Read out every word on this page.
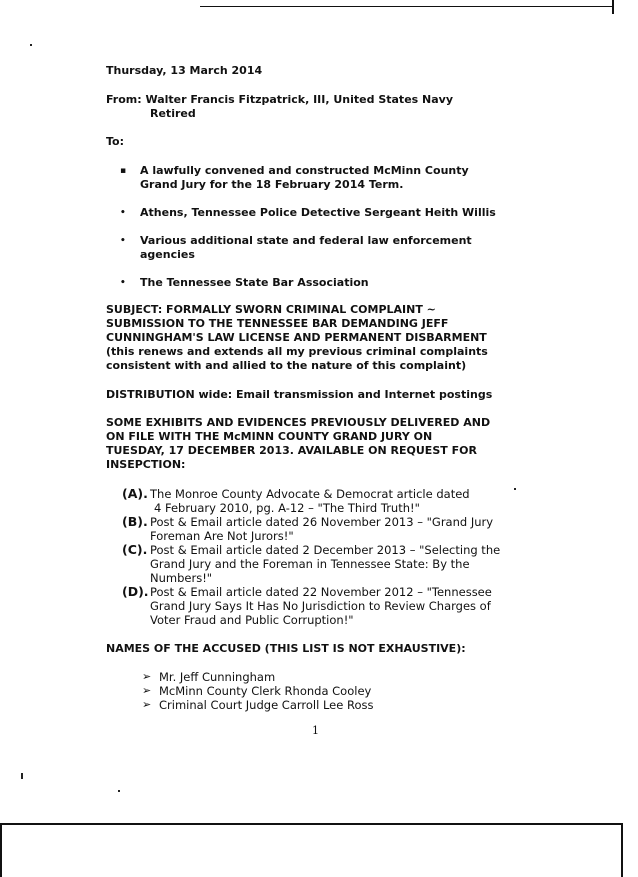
Thursday, 13 March 2014
From: Walter Francis Fitzpatrick, III, United States Navy
Retired
To:
▪	A lawfully convened and constructed McMinn County
Grand Jury for the 18 February 2014 Term.
•	Athens, Tennessee Police Detective Sergeant Heith Willis
•	Various additional state and federal law enforcement
agencies
•	The Tennessee State Bar Association
SUBJECT: FORMALLY SWORN CRIMINAL COMPLAINT ~
SUBMISSION TO THE TENNESSEE BAR DEMANDING JEFF
CUNNINGHAM'S LAW LICENSE AND PERMANENT DISBARMENT
(this renews and extends all my previous criminal complaints
consistent with and allied to the nature of this complaint)
DISTRIBUTION wide: Email transmission and Internet postings
SOME EXHIBITS AND EVIDENCES PREVIOUSLY DELIVERED AND
ON FILE WITH THE McMINN COUNTY GRAND JURY ON
TUESDAY, 17 DECEMBER 2013. AVAILABLE ON REQUEST FOR
INSEPCTION:
(A). The Monroe County Advocate & Democrat article dated
4 February 2010, pg. A-12 – "The Third Truth!"
(B). Post & Email article dated 26 November 2013 – "Grand Jury
Foreman Are Not Jurors!"
(C). Post & Email article dated 2 December 2013 – "Selecting the
Grand Jury and the Foreman in Tennessee State: By the
Numbers!"
(D). Post & Email article dated 22 November 2012 – "Tennessee
Grand Jury Says It Has No Jurisdiction to Review Charges of
Voter Fraud and Public Corruption!"
NAMES OF THE ACCUSED (THIS LIST IS NOT EXHAUSTIVE):
➢ Mr. Jeff Cunningham
➢ McMinn County Clerk Rhonda Cooley
➢ Criminal Court Judge Carroll Lee Ross
1
